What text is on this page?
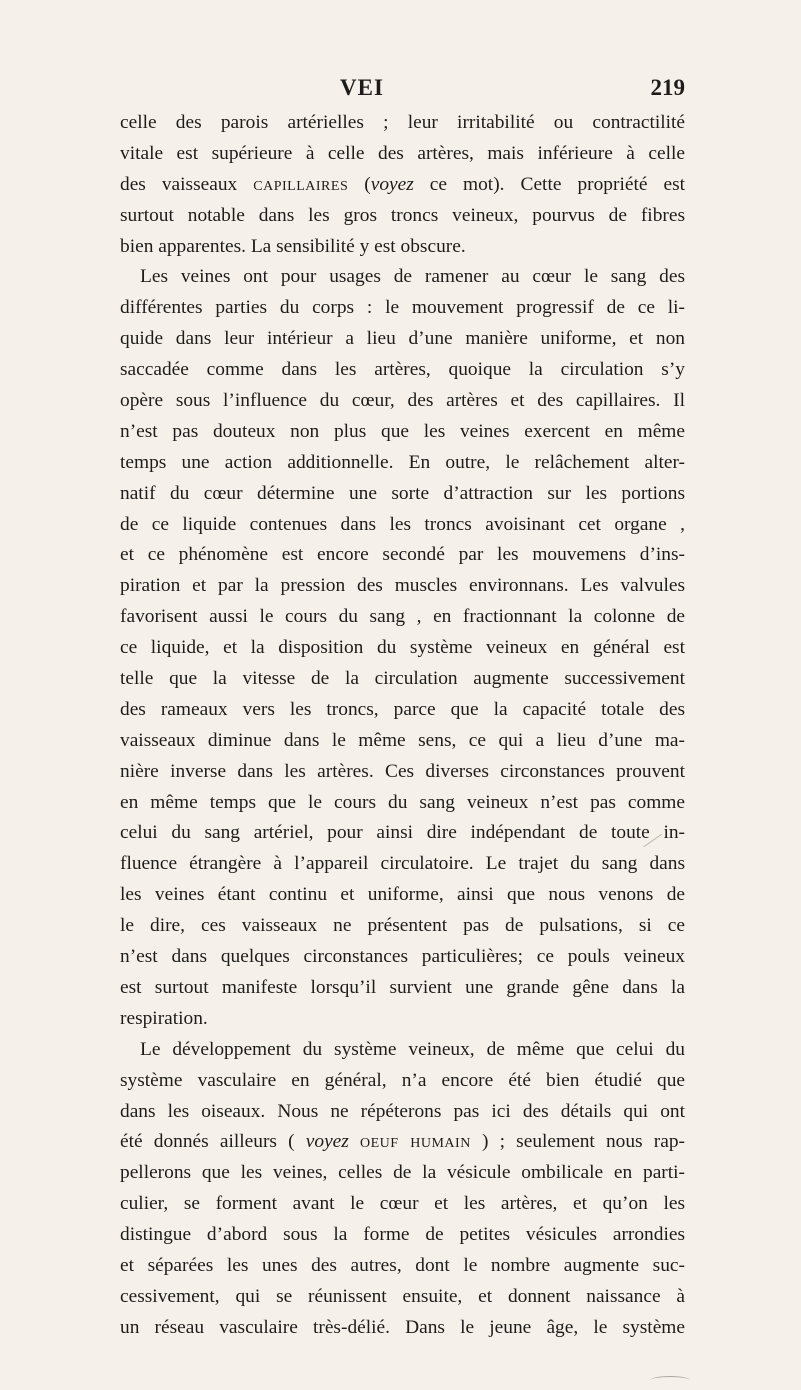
VEI	219
celle des parois artérielles ; leur irritabilité ou contractilité
vitale est supérieure à celle des artères, mais inférieure à celle
des vaisseaux capillaires (voyez ce mot). Cette propriété est
surtout notable dans les gros troncs veineux, pourvus de fibres
bien apparentes. La sensibilité y est obscure.
Les veines ont pour usages de ramener au cœur le sang des
différentes parties du corps : le mouvement progressif de ce li-
quide dans leur intérieur a lieu d’une manière uniforme, et non
saccadée comme dans les artères, quoique la circulation s’y
opère sous l’influence du cœur, des artères et des capillaires. Il
n’est pas douteux non plus que les veines exercent en même
temps une action additionnelle. En outre, le relâchement alter-
natif du cœur détermine une sorte d’attraction sur les portions
de ce liquide contenues dans les troncs avoisinant cet organe ,
et ce phénomène est encore secondé par les mouvemens d’ins-
piration et par la pression des muscles environnans. Les valvules
favorisent aussi le cours du sang , en fractionnant la colonne de
ce liquide, et la disposition du système veineux en général est
telle que la vitesse de la circulation augmente successivement
des rameaux vers les troncs, parce que la capacité totale des
vaisseaux diminue dans le même sens, ce qui a lieu d’une ma-
nière inverse dans les artères. Ces diverses circonstances prouvent
en même temps que le cours du sang veineux n’est pas comme
celui du sang artériel, pour ainsi dire indépendant de toute in-
fluence étrangère à l’appareil circulatoire. Le trajet du sang dans
les veines étant continu et uniforme, ainsi que nous venons de
le dire, ces vaisseaux ne présentent pas de pulsations, si ce
n’est dans quelques circonstances particulières; ce pouls veineux
est surtout manifeste lorsqu’il survient une grande gêne dans la
respiration.
Le développement du système veineux, de même que celui du
système vasculaire en général, n’a encore été bien étudié que
dans les oiseaux. Nous ne répéterons pas ici des détails qui ont
été donnés ailleurs ( voyez oeuf humain ) ; seulement nous rap-
pellerons que les veines, celles de la vésicule ombilicale en parti-
culier, se forment avant le cœur et les artères, et qu’on les
distingue d’abord sous la forme de petites vésicules arrondies
et séparées les unes des autres, dont le nombre augmente suc-
cessivement, qui se réunissent ensuite, et donnent naissance à
un réseau vasculaire très-délié. Dans le jeune âge, le système
